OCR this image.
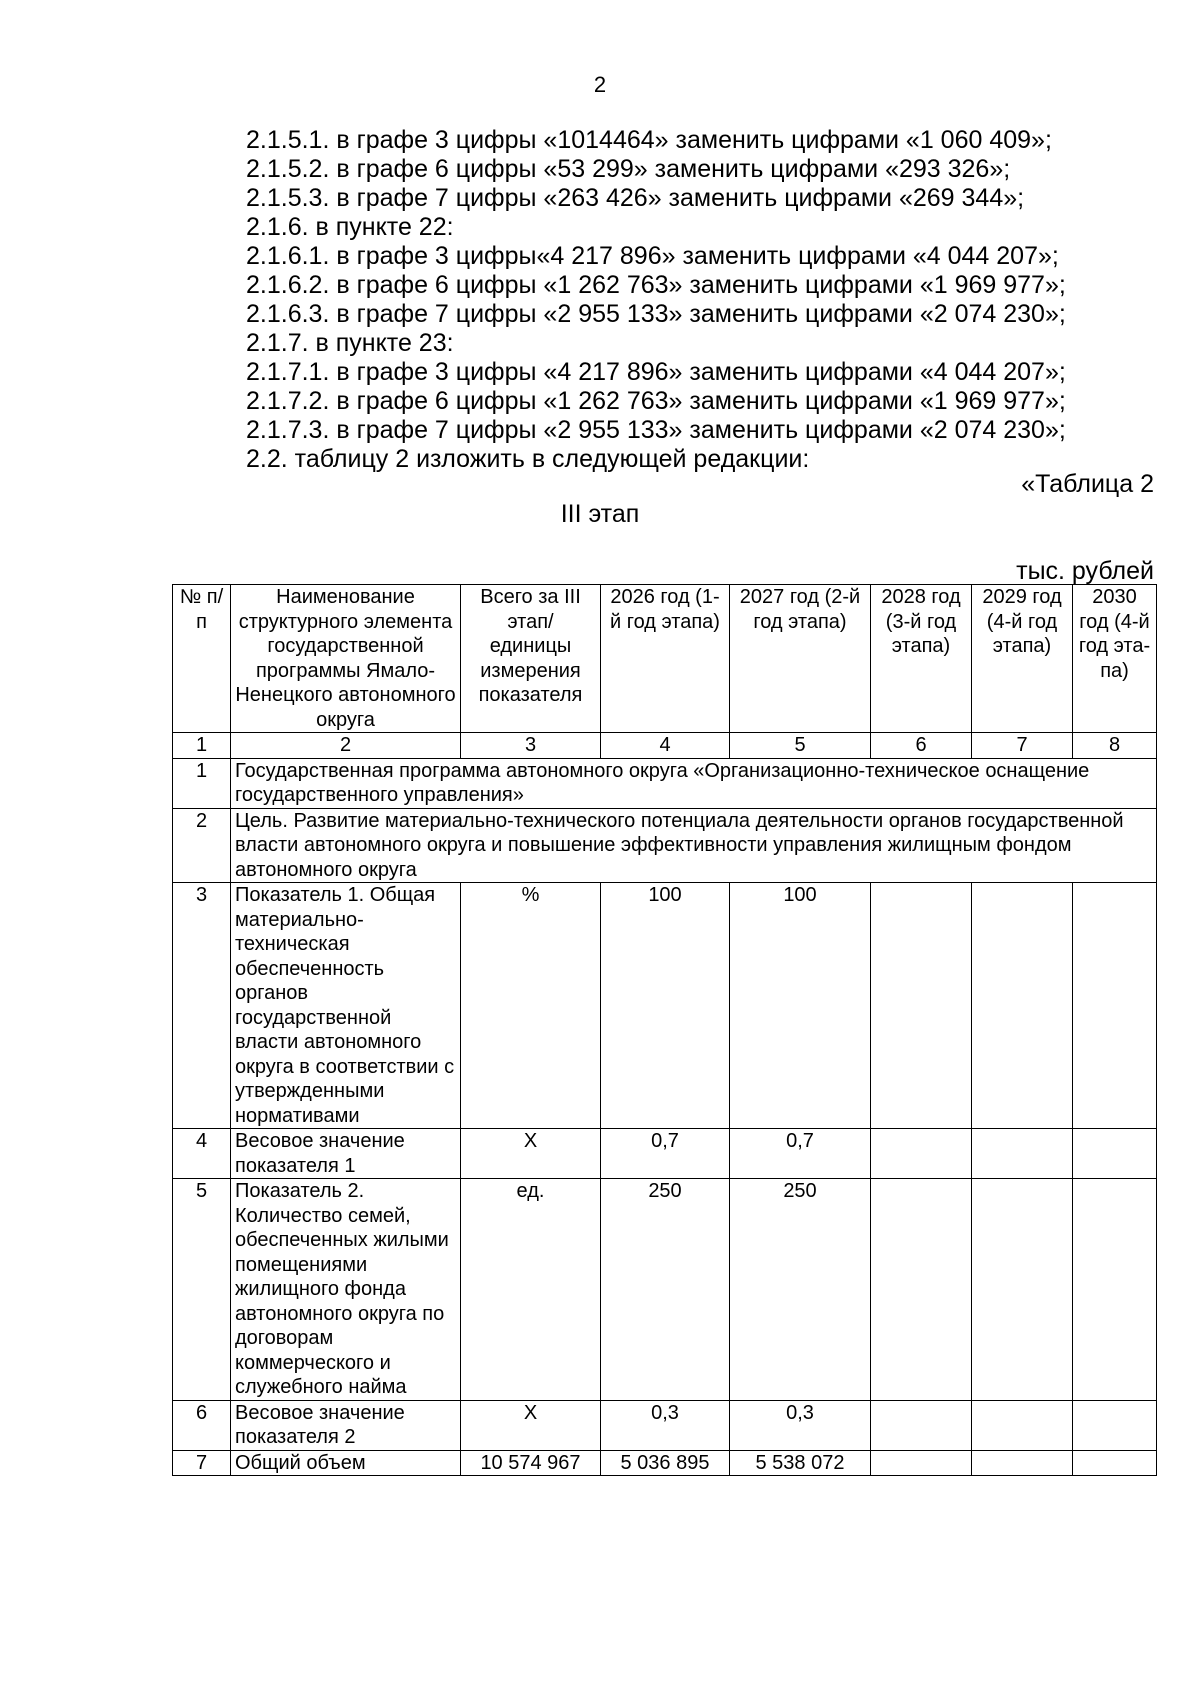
2
2.1.5.1. в графе 3 цифры «1014464» заменить цифрами «1 060 409»;
2.1.5.2. в графе 6 цифры «53 299» заменить цифрами «293 326»;
2.1.5.3. в графе 7 цифры «263 426» заменить цифрами «269 344»;
2.1.6. в пункте 22:
2.1.6.1. в графе 3 цифры«4 217 896» заменить цифрами «4 044 207»;
2.1.6.2. в графе 6 цифры «1 262 763» заменить цифрами «1 969 977»;
2.1.6.3. в графе 7 цифры «2 955 133» заменить цифрами «2 074 230»;
2.1.7. в пункте 23:
2.1.7.1. в графе 3 цифры «4 217 896» заменить цифрами «4 044 207»;
2.1.7.2. в графе 6 цифры «1 262 763» заменить цифрами «1 969 977»;
2.1.7.3. в графе 7 цифры «2 955 133» заменить цифрами «2 074 230»;
2.2. таблицу 2 изложить в следующей редакции:
«Таблица 2
III этап
тыс. рублей
№ п/п	Наименование структурного элемента государственной программы Ямало-Ненецкого автономного округа	Всего за III этап/ единицы измерения показателя	2026 год (1-й год этапа)	2027 год (2-й год этапа)	2028 год (3-й год этапа)	2029 год (4-й год этапа)	2030 год (4-й год эта-па)
1	2	3	4	5	6	7	8
1	Государственная программа автономного округа «Организационно-техническое оснащение государственного управления»						
2	Цель. Развитие материально-технического потенциала деятельности органов государственной власти автономного округа и повышение эффективности управления жилищным фондом автономного округа						
3	Показатель 1. Общая материально-техническая обеспеченность органов государственной власти автономного округа в соответствии с утвержденными нормативами	%	100	100			
4	Весовое значение показателя 1	Х	0,7	0,7			
5	Показатель 2. Количество семей, обеспеченных жилыми помещениями жилищного фонда автономного округа по договорам коммерческого и служебного найма	ед.	250	250			
6	Весовое значение показателя 2	Х	0,3	0,3			
7	Общий объем	10 574 967	5 036 895	5 538 072			
